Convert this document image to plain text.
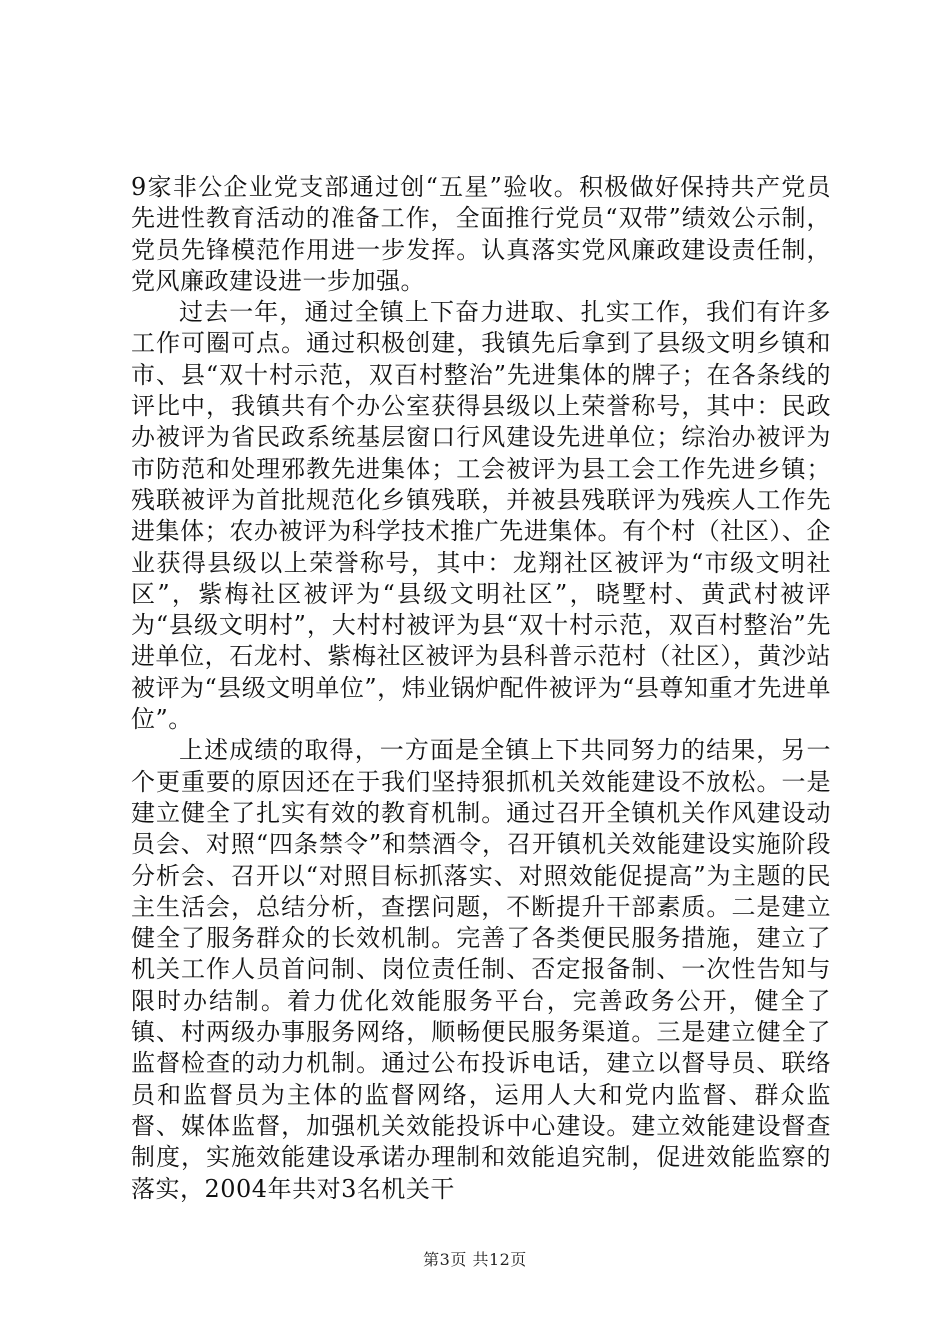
9家非公企业党支部通过创“五星”验收。积极做好保持共产党员先进性教育活动的准备工作，全面推行党员“双带”绩效公示制，党员先锋模范作用进一步发挥。认真落实党风廉政建设责任制，党风廉政建设进一步加强。

过去一年，通过全镇上下奋力进取、扎实工作，我们有许多工作可圈可点。通过积极创建，我镇先后拿到了县级文明乡镇和市、县“双十村示范，双百村整治”先进集体的牌子；在各条线的评比中，我镇共有个办公室获得县级以上荣誉称号，其中：民政办被评为省民政系统基层窗口行风建设先进单位；综治办被评为市防范和处理邪教先进集体；工会被评为县工会工作先进乡镇；残联被评为首批规范化乡镇残联，并被县残联评为残疾人工作先进集体；农办被评为科学技术推广先进集体。有个村（社区）、企业获得县级以上荣誉称号，其中：龙翔社区被评为“市级文明社区”，紫梅社区被评为“县级文明社区”，晓墅村、黄武村被评为“县级文明村”，大村村被评为县“双十村示范，双百村整治”先进单位，石龙村、紫梅社区被评为县科普示范村（社区），黄沙站被评为“县级文明单位”，炜业锅炉配件被评为“县尊知重才先进单位”。

上述成绩的取得，一方面是全镇上下共同努力的结果，另一个更重要的原因还在于我们坚持狠抓机关效能建设不放松。一是建立健全了扎实有效的教育机制。通过召开全镇机关作风建设动员会、对照“四条禁令”和禁酒令，召开镇机关效能建设实施阶段分析会、召开以“对照目标抓落实、对照效能促提高”为主题的民主生活会，总结分析，查摆问题，不断提升干部素质。二是建立健全了服务群众的长效机制。完善了各类便民服务措施，建立了机关工作人员首问制、岗位责任制、否定报备制、一次性告知与限时办结制。着力优化效能服务平台，完善政务公开，健全了镇、村两级办事服务网络，顺畅便民服务渠道。三是建立健全了监督检查的动力机制。通过公布投诉电话，建立以督导员、联络员和监督员为主体的监督网络，运用人大和党内监督、群众监督、媒体监督，加强机关效能投诉中心建设。建立效能建设督查制度，实施效能建设承诺办理制和效能追究制，促进效能监察的落实，2004年共对3名机关干

第3页 共12页
